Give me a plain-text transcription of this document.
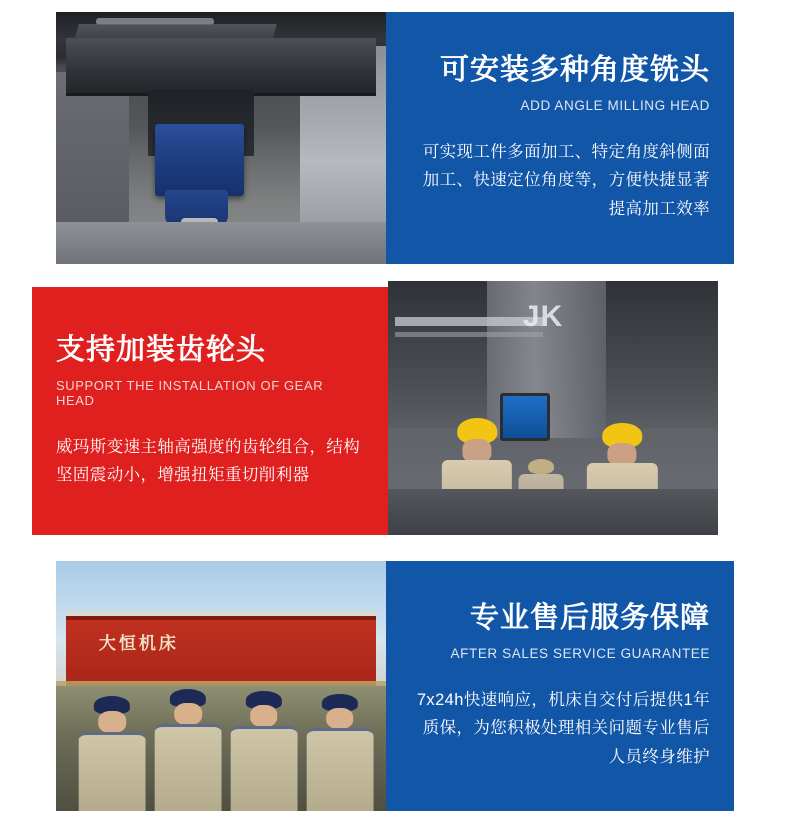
可安装多种角度铣头
ADD ANGLE MILLING HEAD
可实现工件多面加工、特定角度斜侧面加工、快速定位角度等，方便快捷显著提高加工效率
支持加装齿轮头
SUPPORT THE INSTALLATION OF GEAR HEAD
威玛斯变速主轴高强度的齿轮组合，结构坚固震动小，增强扭矩重切削利器
JK
大恒机床
专业售后服务保障
AFTER SALES SERVICE GUARANTEE
7x24h快速响应，机床自交付后提供1年质保，为您积极处理相关问题专业售后人员终身维护
